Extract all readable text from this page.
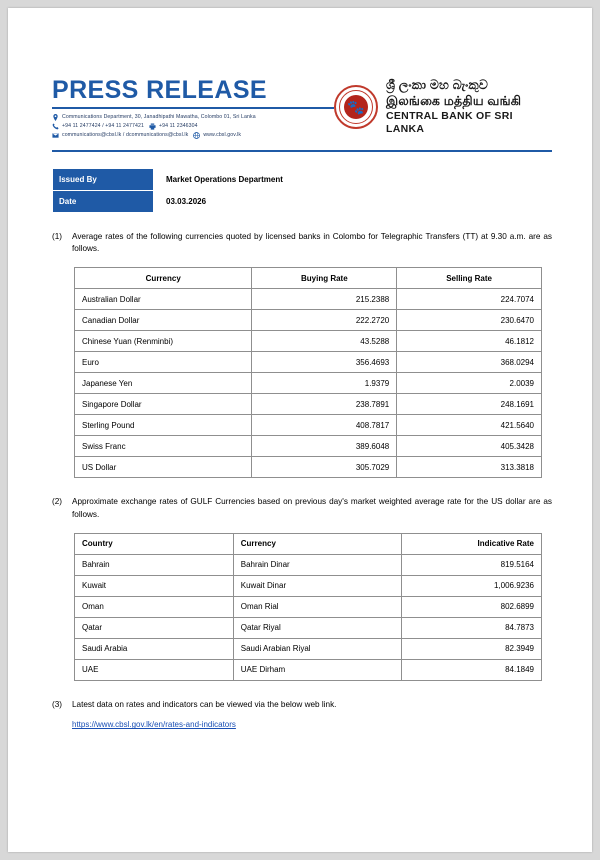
PRESS RELEASE
Communications Department, 30, Janadhipathi Mawatha, Colombo 01, Sri Lanka
+94 11 2477424 / +94 11 2477421	+94 11 2346304
communications@cbsl.lk / dcommunications@cbsl.lk	www.cbsl.gov.lk
🐾
ශ්‍රී ලංකා මහ බැංකුව
இலங்கை மத்திய வங்கி
CENTRAL BANK OF SRI LANKA
Issued By	Market Operations Department
Date	03.03.2026
(1)	Average rates of the following currencies quoted by licensed banks in Colombo for Telegraphic Transfers (TT) at 9.30 a.m. are as follows.
Currency	Buying Rate	Selling Rate
Australian Dollar	215.2388	224.7074
Canadian Dollar	222.2720	230.6470
Chinese Yuan (Renminbi)	43.5288	46.1812
Euro	356.4693	368.0294
Japanese Yen	1.9379	2.0039
Singapore Dollar	238.7891	248.1691
Sterling Pound	408.7817	421.5640
Swiss Franc	389.6048	405.3428
US Dollar	305.7029	313.3818
(2)	Approximate exchange rates of GULF Currencies based on previous day's market weighted average rate for the US dollar are as follows.
Country	Currency	Indicative Rate
Bahrain	Bahrain Dinar	819.5164
Kuwait	Kuwait Dinar	1,006.9236
Oman	Oman Rial	802.6899
Qatar	Qatar Riyal	84.7873
Saudi Arabia	Saudi Arabian Riyal	82.3949
UAE	UAE Dirham	84.1849
(3)	Latest data on rates and indicators can be viewed via the below web link.
https://www.cbsl.gov.lk/en/rates-and-indicators
